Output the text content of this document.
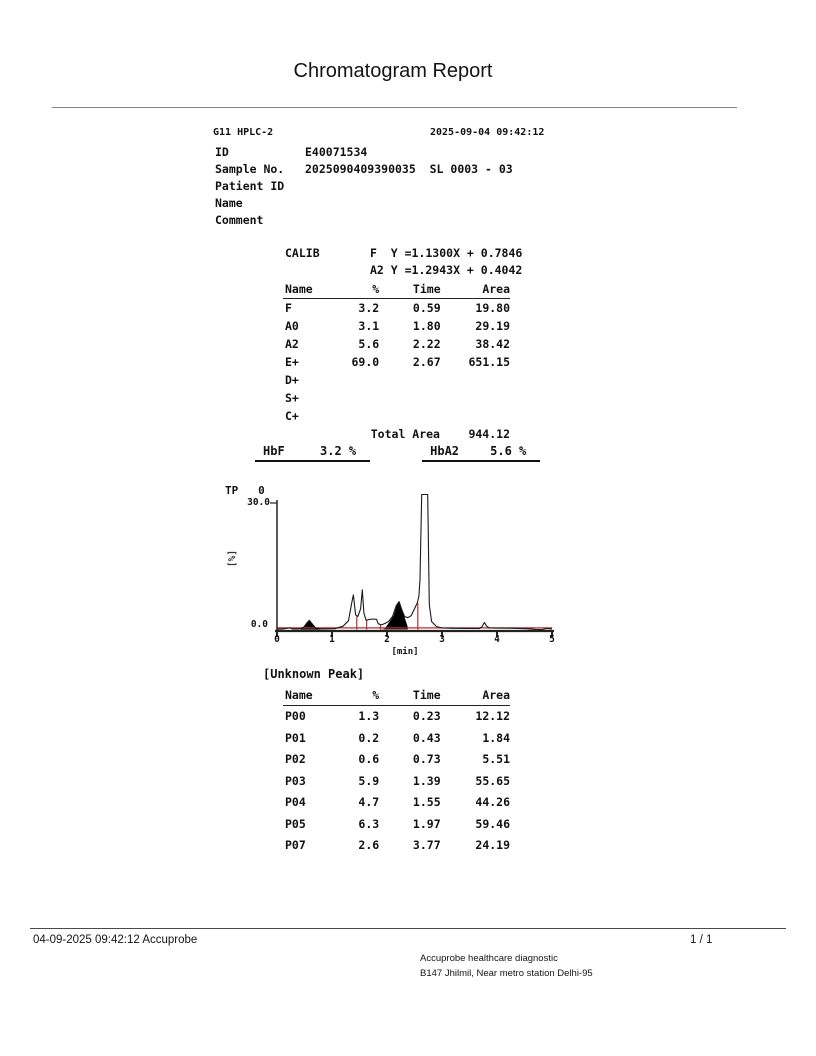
Chromatogram Report
G11 HPLC-2	2025-09-04 09:42:12
ID	E40071534
Sample No. 2025090409390035  SL 0003 - 03
Patient ID
Name
Comment
CALIB	F  Y =1.1300X + 0.7846
A2 Y =1.2943X + 0.4042
Name	%	Time	Area
F	3.2	0.59	19.80
A0	3.1	1.80	29.19
A2	5.6	2.22	38.42
E+	69.0	2.67	651.15
D+
S+
C+
Total Area	944.12
HbF	3.2 %	HbA2	5.6 %
TP   0
30.0
0.0
[%]
0	1	2	3	4	5
[min]
[Unknown Peak]
Name	%	Time	Area
P00	1.3	0.23	12.12
P01	0.2	0.43	1.84
P02	0.6	0.73	5.51
P03	5.9	1.39	55.65
P04	4.7	1.55	44.26
P05	6.3	1.97	59.46
P07	2.6	3.77	24.19
04-09-2025 09:42:12 Accuprobe	1 / 1
Accuprobe healthcare diagnostic
B147 Jhilmil, Near metro station Delhi-95
